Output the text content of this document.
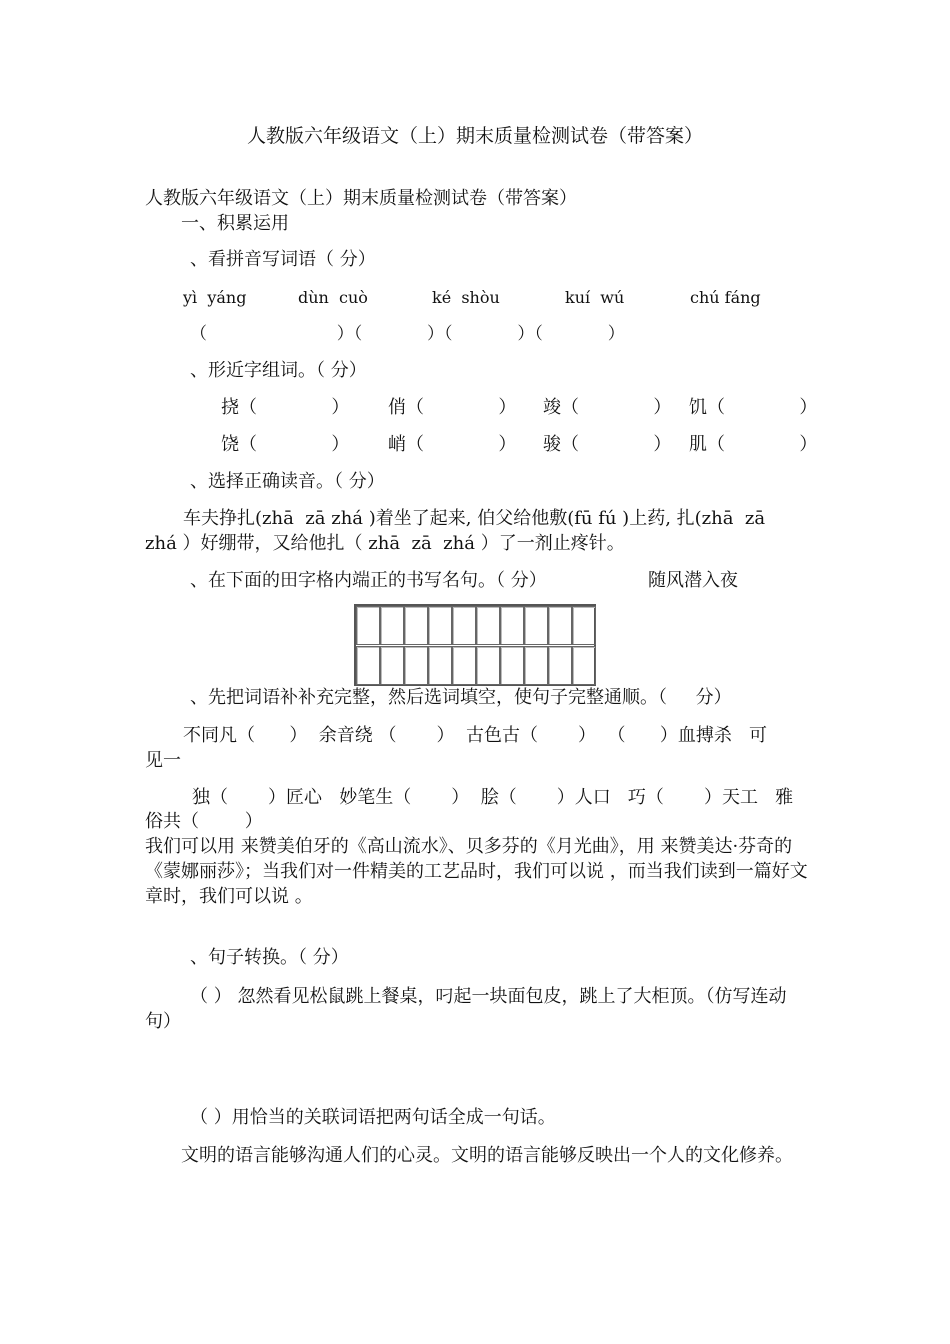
人教版六年级语文（上）期末质量检测试卷（带答案）
人教版六年级语文（上）期末质量检测试卷（带答案）
一、积累运用
、看拼音写词语（ 分）
yì  yáng	dùn  cuò	ké  shòu	kuí  wú	chú fáng
（                        ）（            ）（            ）（            ）
、形近字组词。（ 分）
挠（             ） 俏（             ） 竣（             ） 饥（             ）
饶（             ） 峭（             ） 骏（             ） 肌（             ）
、选择正确读音。（ 分）
车夫挣扎(zhā  zā zhá )着坐了起来, 伯父给他敷(fū fú )上药, 扎(zhā  zā
zhá ）好绷带，又给他扎（ zhā  zā  zhá ）了一剂止疼针。
、在下面的田字格内端正的书写名句。（ 分）	随风潜入夜
、先把词语补补充完整，然后选词填空，使句子完整通顺。（     分）
不同凡（      ）  余音绕 （       ）  古色古（       ）  （      ）血搏杀   可
见一
独（       ）匠心   妙笔生（       ）  脍（       ）人口   巧（       ）天工   雅
俗共（        ）
我们可以用 来赞美伯牙的《高山流水》、贝多芬的《月光曲》，用 来赞美达·芬奇的《蒙娜丽莎》；当我们对一件精美的工艺品时，我们可以说 ，而当我们读到一篇好文章时，我们可以说 。
、句子转换。（ 分）
（ ） 忽然看见松鼠跳上餐桌，叼起一块面包皮，跳上了大柜顶。（仿写连动句）
（ ）用恰当的关联词语把两句话全成一句话。
文明的语言能够沟通人们的心灵。文明的语言能够反映出一个人的文化修养。
